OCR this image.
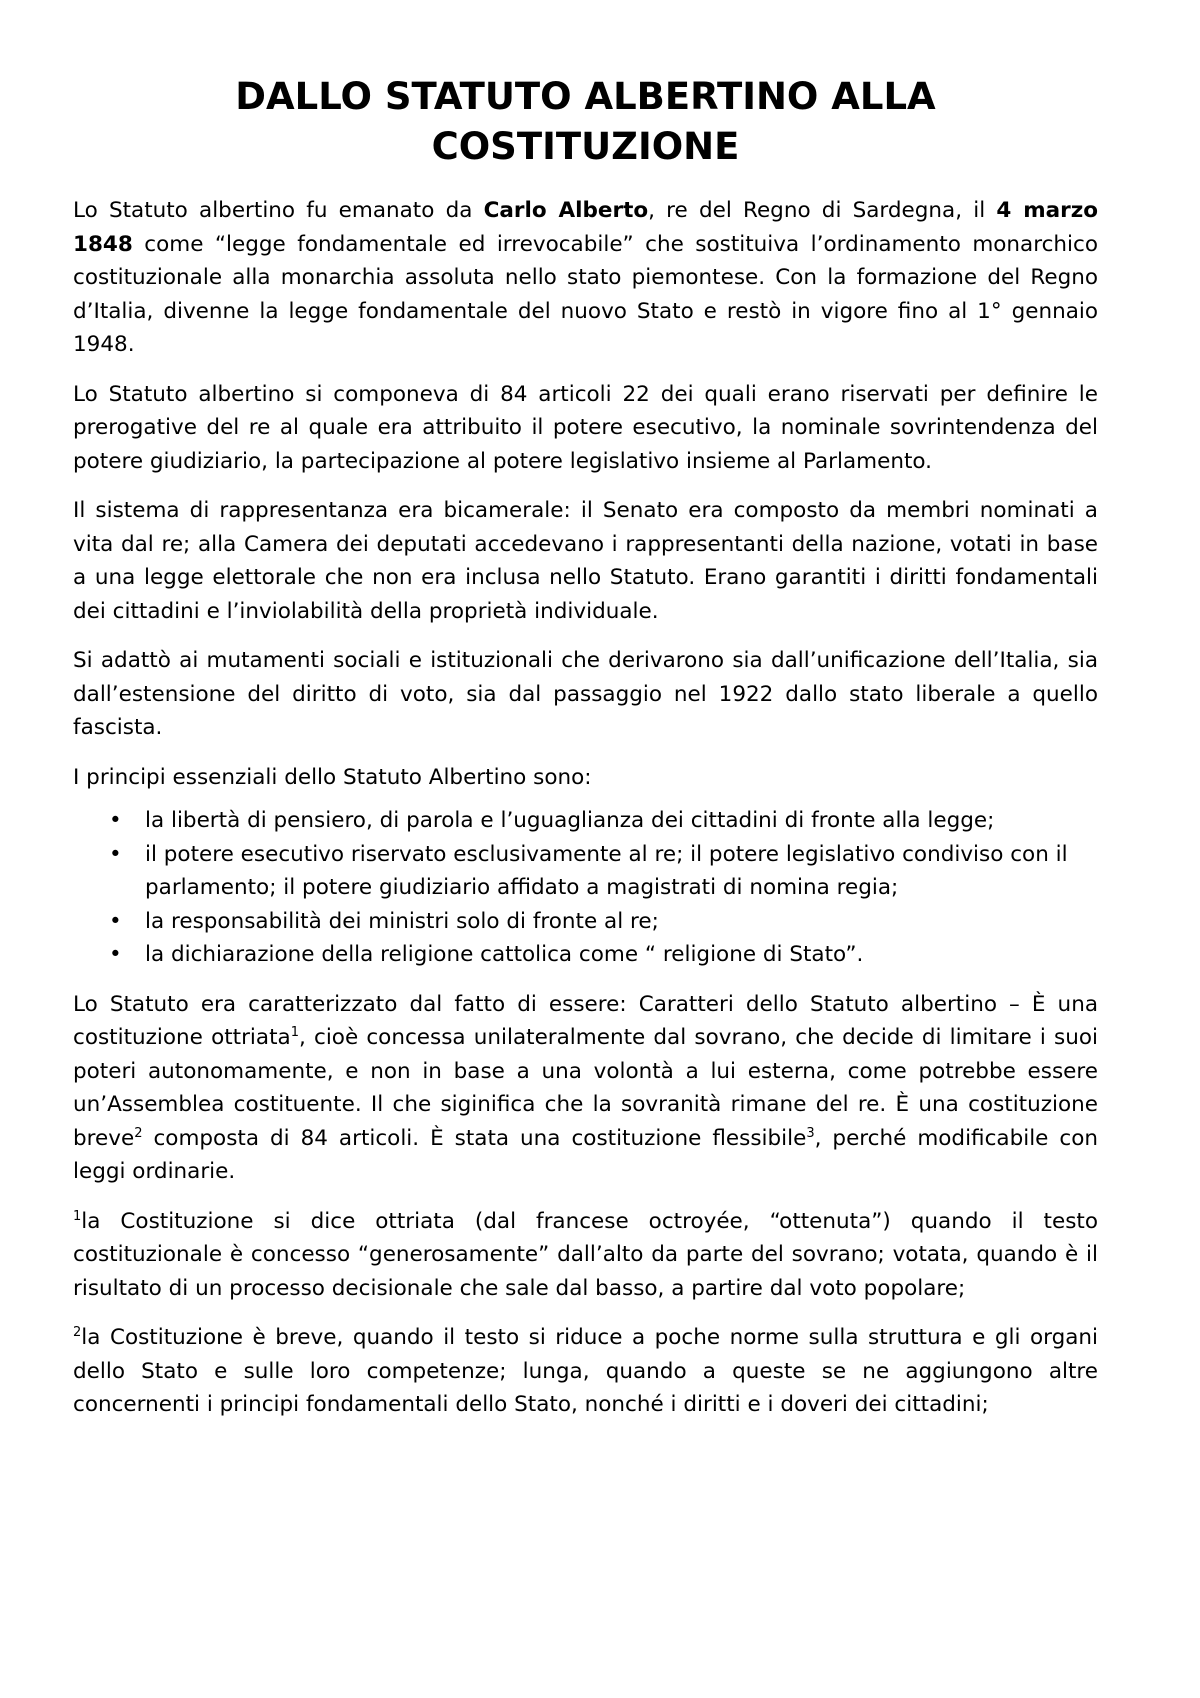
DALLO STATUTO ALBERTINO ALLA
COSTITUZIONE

Lo Statuto albertino fu emanato da Carlo Alberto, re del Regno di Sardegna, il 4 marzo 1848 come “legge fondamentale ed irrevocabile” che sostituiva l’ordinamento monarchico costituzionale alla monarchia assoluta nello stato piemontese. Con la formazione del Regno d’Italia, divenne la legge fondamentale del nuovo Stato e restò in vigore fino al 1° gennaio 1948.

Lo Statuto albertino si componeva di 84 articoli 22 dei quali erano riservati per definire le prerogative del re al quale era attribuito il potere esecutivo, la nominale sovrintendenza del potere giudiziario, la partecipazione al potere legislativo insieme al Parlamento.

Il sistema di rappresentanza era bicamerale: il Senato era composto da membri nominati a vita dal re; alla Camera dei deputati accedevano i rappresentanti della nazione, votati in base a una legge elettorale che non era inclusa nello Statuto. Erano garantiti i diritti fondamentali dei cittadini e l’inviolabilità della proprietà individuale.

Si adattò ai mutamenti sociali e istituzionali che derivarono sia dall’unificazione dell’Italia, sia dall’estensione del diritto di voto, sia dal passaggio nel 1922 dallo stato liberale a quello fascista.

I principi essenziali dello Statuto Albertino sono:

• la libertà di pensiero, di parola e l’uguaglianza dei cittadini di fronte alla legge;
• il potere esecutivo riservato esclusivamente al re; il potere legislativo condiviso con il parlamento; il potere giudiziario affidato a magistrati di nomina regia;
• la responsabilità dei ministri solo di fronte al re;
• la dichiarazione della religione cattolica come “ religione di Stato”.

Lo Statuto era caratterizzato dal fatto di essere: Caratteri dello Statuto albertino – È una costituzione ottriata$^1$, cioè concessa unilateralmente dal sovrano, che decide di limitare i suoi poteri autonomamente, e non in base a una volontà a lui esterna, come potrebbe essere un’Assemblea costituente. Il che siginifica che la sovranità rimane del re. È una costituzione breve$^2$ composta di 84 articoli. È stata una costituzione flessibile$^3$, perché modificabile con leggi ordinarie.

$^1$la Costituzione si dice ottriata (dal francese octroyée, “ottenuta”) quando il testo costituzionale è concesso “generosamente” dall’alto da parte del sovrano; votata, quando è il risultato di un processo decisionale che sale dal basso, a partire dal voto popolare;

$^2$la Costituzione è breve, quando il testo si riduce a poche norme sulla struttura e gli organi dello Stato e sulle loro competenze; lunga, quando a queste se ne aggiungono altre concernenti i principi fondamentali dello Stato, nonché i diritti e i doveri dei cittadini;
